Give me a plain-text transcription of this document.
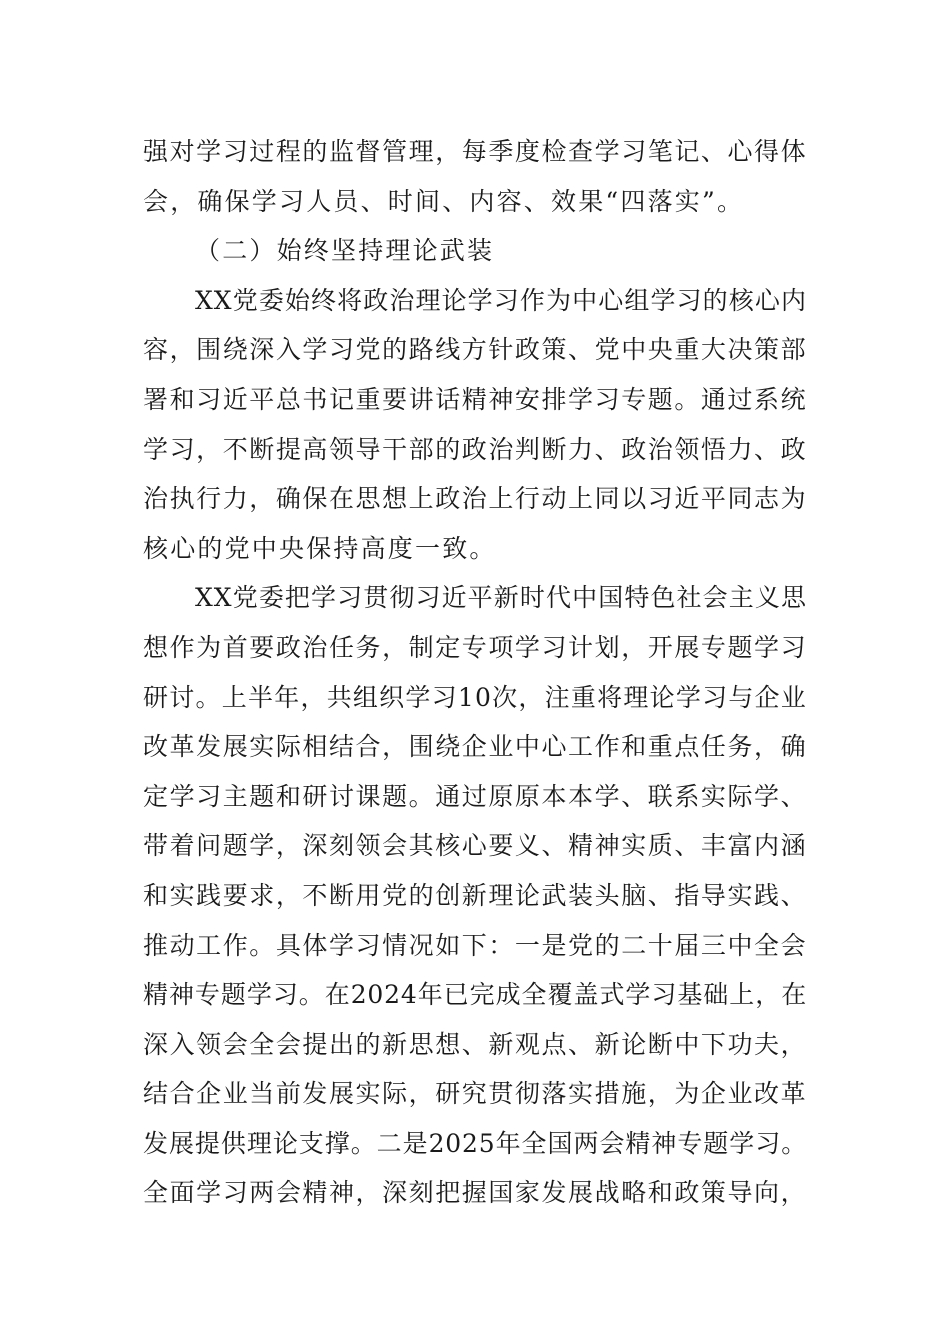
强对学习过程的监督管理，每季度检查学习笔记、心得体
会，确保学习人员、时间、内容、效果“四落实”。
（二）始终坚持理论武装
XX党委始终将政治理论学习作为中心组学习的核心内
容，围绕深入学习党的路线方针政策、党中央重大决策部
署和习近平总书记重要讲话精神安排学习专题。通过系统
学习，不断提高领导干部的政治判断力、政治领悟力、政
治执行力，确保在思想上政治上行动上同以习近平同志为
核心的党中央保持高度一致。
XX党委把学习贯彻习近平新时代中国特色社会主义思
想作为首要政治任务，制定专项学习计划，开展专题学习
研讨。上半年，共组织学习10次，注重将理论学习与企业
改革发展实际相结合，围绕企业中心工作和重点任务，确
定学习主题和研讨课题。通过原原本本学、联系实际学、
带着问题学，深刻领会其核心要义、精神实质、丰富内涵
和实践要求，不断用党的创新理论武装头脑、指导实践、
推动工作。具体学习情况如下：一是党的二十届三中全会
精神专题学习。在2024年已完成全覆盖式学习基础上，在
深入领会全会提出的新思想、新观点、新论断中下功夫，
结合企业当前发展实际，研究贯彻落实措施，为企业改革
发展提供理论支撑。二是2025年全国两会精神专题学习。
全面学习两会精神，深刻把握国家发展战略和政策导向，
